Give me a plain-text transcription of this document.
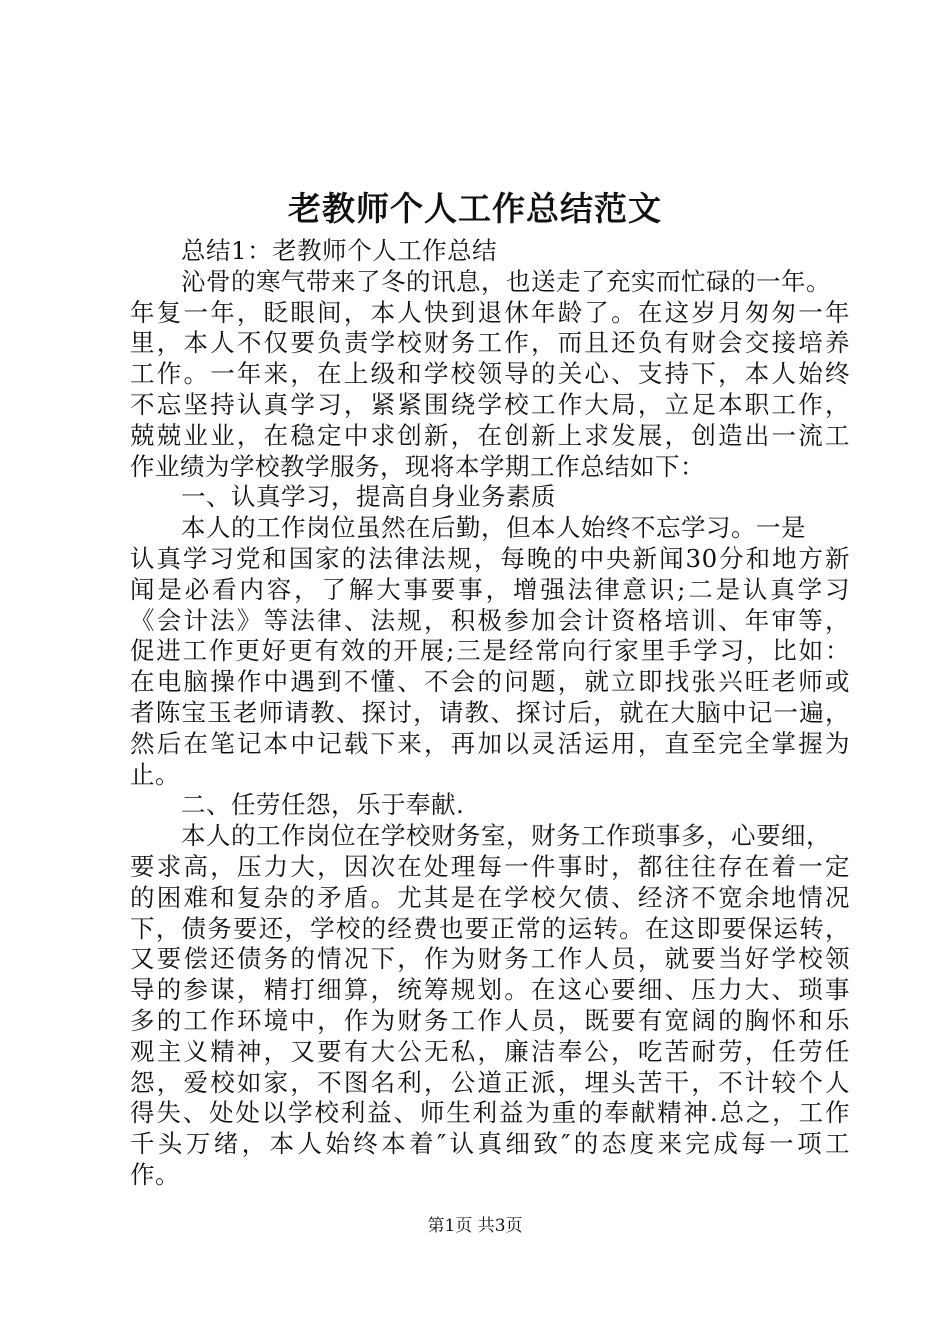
老教师个人工作总结范文
总结1：老教师个人工作总结
沁骨的寒气带来了冬的讯息，也送走了充实而忙碌的一年。
年复一年，眨眼间，本人快到退休年龄了。在这岁月匆匆一年
里，本人不仅要负责学校财务工作，而且还负有财会交接培养
工作。一年来，在上级和学校领导的关心、支持下，本人始终
不忘坚持认真学习，紧紧围绕学校工作大局，立足本职工作，
兢兢业业，在稳定中求创新，在创新上求发展，创造出一流工
作业绩为学校教学服务，现将本学期工作总结如下：
一、认真学习，提高自身业务素质
本人的工作岗位虽然在后勤，但本人始终不忘学习。一是
认真学习党和国家的法律法规，每晚的中央新闻30分和地方新
闻是必看内容，了解大事要事，增强法律意识;二是认真学习
《会计法》等法律、法规，积极参加会计资格培训、年审等，
促进工作更好更有效的开展;三是经常向行家里手学习，比如：
在电脑操作中遇到不懂、不会的问题，就立即找张兴旺老师或
者陈宝玉老师请教、探讨，请教、探讨后，就在大脑中记一遍，
然后在笔记本中记载下来，再加以灵活运用，直至完全掌握为
止。
二、任劳任怨，乐于奉献.
本人的工作岗位在学校财务室，财务工作琐事多，心要细，
要求高，压力大，因次在处理每一件事时，都往往存在着一定
的困难和复杂的矛盾。尤其是在学校欠债、经济不宽余地情况
下，债务要还，学校的经费也要正常的运转。在这即要保运转，
又要偿还债务的情况下，作为财务工作人员，就要当好学校领
导的参谋，精打细算，统筹规划。在这心要细、压力大、琐事
多的工作环境中，作为财务工作人员，既要有宽阔的胸怀和乐
观主义精神，又要有大公无私，廉洁奉公，吃苦耐劳，任劳任
怨，爱校如家，不图名利，公道正派，埋头苦干，不计较个人
得失、处处以学校利益、师生利益为重的奉献精神.总之，工作
千头万绪，本人始终本着″认真细致″的态度来完成每一项工
作。
第1页 共3页
